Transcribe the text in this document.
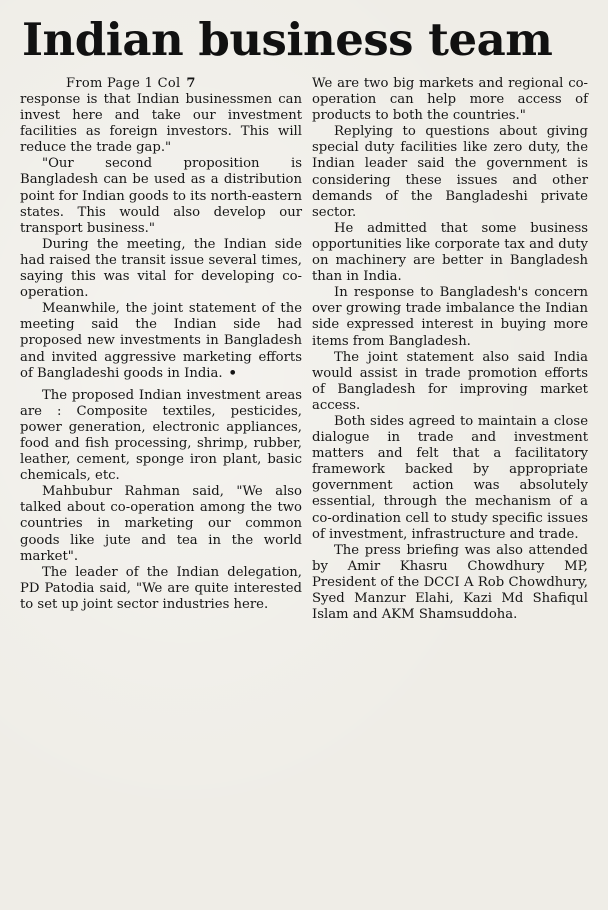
Indian business team
From Page 1 Col 7

response is that Indian businessmen can invest here and take our investment facilities as foreign investors. This will reduce the trade gap."

"Our second proposition is Bangladesh can be used as a distribution point for Indian goods to its north-eastern states. This would also develop our transport business."

During the meeting, the Indian side had raised the transit issue several times, saying this was vital for developing co-operation.

Meanwhile, the joint statement of the meeting said the Indian side had proposed new investments in Bangladesh and invited aggressive marketing efforts of Bangladeshi goods in India. •

The proposed Indian investment areas are : Composite textiles, pesticides, power generation, electronic appliances, food and fish processing, shrimp, rubber, leather, cement, sponge iron plant, basic chemicals, etc.

Mahbubur Rahman said, "We also talked about co-operation among the two countries in marketing our common goods like jute and tea in the world market".

The leader of the Indian delegation, PD Patodia said, "We are quite interested to set up joint sector industries here.

We are two big markets and regional co-operation can help more access of products to both the countries."

Replying to questions about giving special duty facilities like zero duty, the Indian leader said the government is considering these issues and other demands of the Bangladeshi private sector.

He admitted that some business opportunities like corporate tax and duty on machinery are better in Bangladesh than in India.

In response to Bangladesh's concern over growing trade imbalance the Indian side expressed interest in buying more items from Bangladesh.

The joint statement also said India would assist in trade promotion efforts of Bangladesh for improving market access.

Both sides agreed to maintain a close dialogue in trade and investment matters and felt that a facilitatory framework backed by appropriate government action was absolutely essential, through the mechanism of a co-ordination cell to study specific issues of investment, infrastructure and trade.

The press briefing was also attended by Amir Khasru Chowdhury MP, President of the DCCI A Rob Chowdhury, Syed Manzur Elahi, Kazi Md Shafiqul Islam and AKM Shamsuddoha.
